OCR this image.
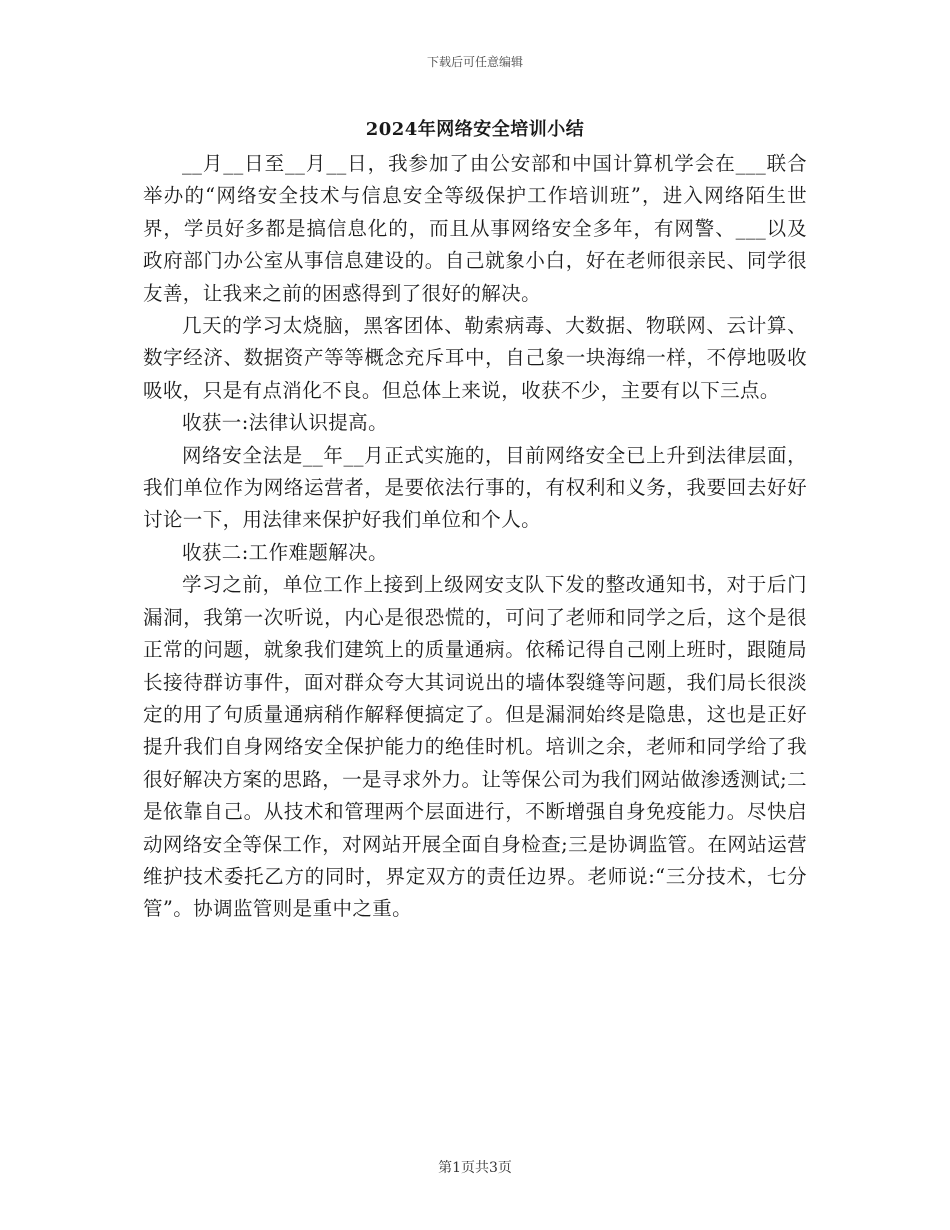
下载后可任意编辑
2024年网络安全培训小结

__月__日至__月__日，我参加了由公安部和中国计算机学会在___联合举办的“网络安全技术与信息安全等级保护工作培训班”，进入网络陌生世界，学员好多都是搞信息化的，而且从事网络安全多年，有网警、___以及政府部门办公室从事信息建设的。自己就象小白，好在老师很亲民、同学很友善，让我来之前的困惑得到了很好的解决。

几天的学习太烧脑，黑客团体、勒索病毒、大数据、物联网、云计算、数字经济、数据资产等等概念充斥耳中，自己象一块海绵一样，不停地吸收吸收，只是有点消化不良。但总体上来说，收获不少，主要有以下三点。

收获一:法律认识提高。

网络安全法是__年__月正式实施的，目前网络安全已上升到法律层面，我们单位作为网络运营者，是要依法行事的，有权利和义务，我要回去好好讨论一下，用法律来保护好我们单位和个人。

收获二:工作难题解决。

学习之前，单位工作上接到上级网安支队下发的整改通知书，对于后门漏洞，我第一次听说，内心是很恐慌的，可问了老师和同学之后，这个是很正常的问题，就象我们建筑上的质量通病。依稀记得自己刚上班时，跟随局长接待群访事件，面对群众夸大其词说出的墙体裂缝等问题，我们局长很淡定的用了句质量通病稍作解释便搞定了。但是漏洞始终是隐患，这也是正好提升我们自身网络安全保护能力的绝佳时机。培训之余，老师和同学给了我很好解决方案的思路，一是寻求外力。让等保公司为我们网站做渗透测试;二是依靠自己。从技术和管理两个层面进行，不断增强自身免疫能力。尽快启动网络安全等保工作，对网站开展全面自身检查;三是协调监管。在网站运营维护技术委托乙方的同时，界定双方的责任边界。老师说:“三分技术，七分管”。协调监管则是重中之重。

第1页共3页
